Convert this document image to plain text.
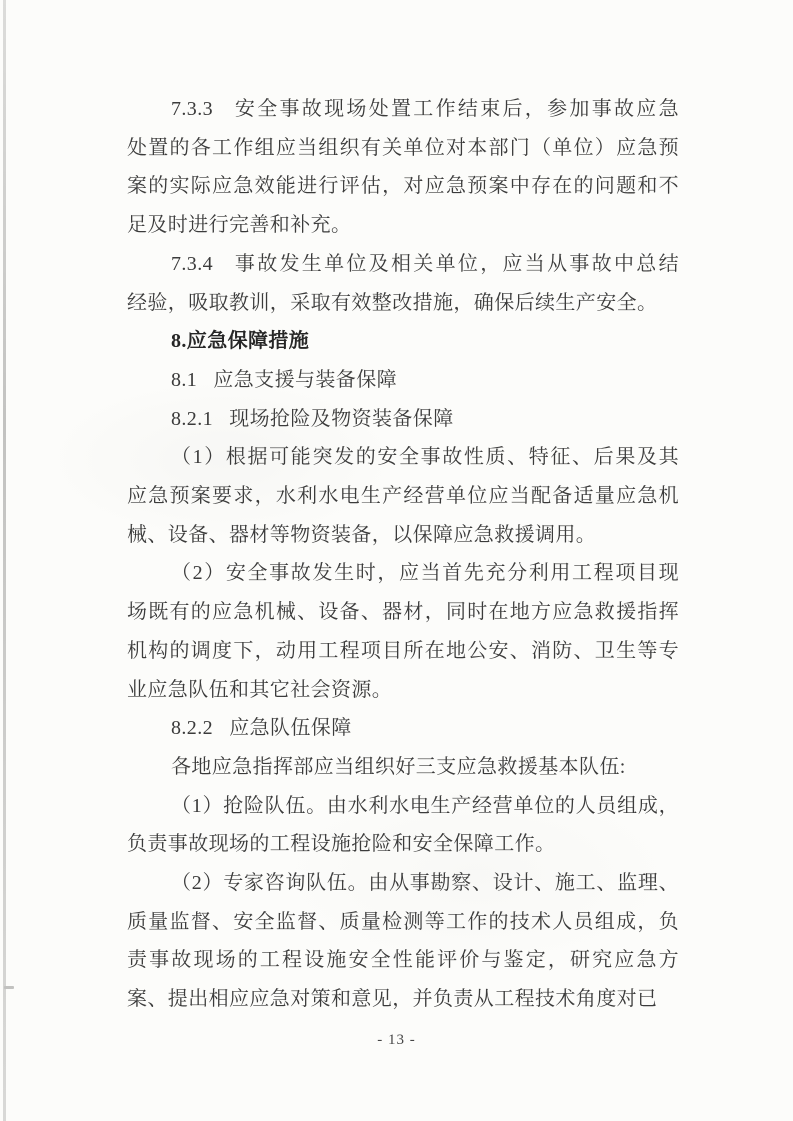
7.3.3   安全事故现场处置工作结束后，参加事故应急

处置的各工作组应当组织有关单位对本部门（单位）应急预

案的实际应急效能进行评估，对应急预案中存在的问题和不

足及时进行完善和补充。

7.3.4   事故发生单位及相关单位，应当从事故中总结

经验，吸取教训，采取有效整改措施，确保后续生产安全。

8.应急保障措施

8.1   应急支援与装备保障

8.2.1   现场抢险及物资装备保障

（1）根据可能突发的安全事故性质、特征、后果及其

应急预案要求，水利水电生产经营单位应当配备适量应急机

械、设备、器材等物资装备，以保障应急救援调用。

（2）安全事故发生时，应当首先充分利用工程项目现

场既有的应急机械、设备、器材，同时在地方应急救援指挥

机构的调度下，动用工程项目所在地公安、消防、卫生等专

业应急队伍和其它社会资源。

8.2.2   应急队伍保障

各地应急指挥部应当组织好三支应急救援基本队伍:

（1）抢险队伍。由水利水电生产经营单位的人员组成，

负责事故现场的工程设施抢险和安全保障工作。

（2）专家咨询队伍。由从事勘察、设计、施工、监理、

质量监督、安全监督、质量检测等工作的技术人员组成，负

责事故现场的工程设施安全性能评价与鉴定，研究应急方

案、提出相应应急对策和意见，并负责从工程技术角度对已

- 13 -
